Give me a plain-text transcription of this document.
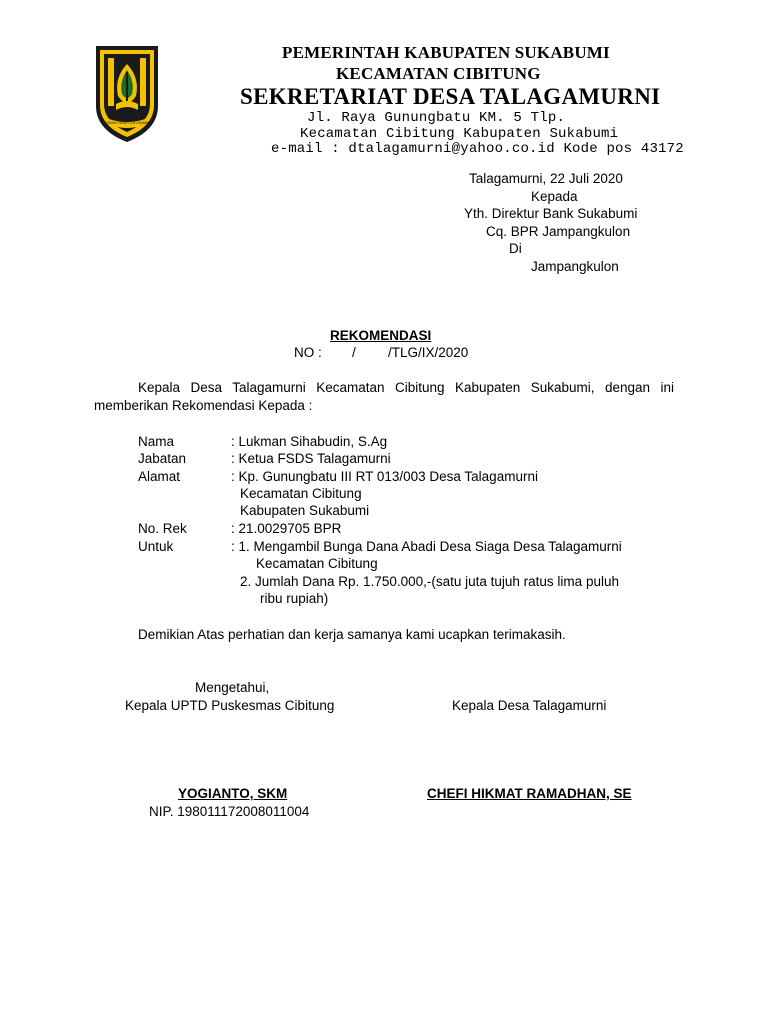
GEMAH RIPAH LOH JINAWI
PEMERINTAH KABUPATEN SUKABUMI
KECAMATAN CIBITUNG
SEKRETARIAT DESA TALAGAMURNI
Jl. Raya Gunungbatu KM. 5 Tlp.
Kecamatan Cibitung Kabupaten Sukabumi
e-mail : dtalagamurni@yahoo.co.id Kode pos 43172
Talagamurni, 22 Juli 2020
Kepada
Yth. Direktur Bank Sukabumi
Cq. BPR Jampangkulon
Di
Jampangkulon
REKOMENDASI
NO : / /TLG/IX/2020
Kepala Desa Talagamurni Kecamatan Cibitung Kabupaten Sukabumi, dengan ini
memberikan Rekomendasi Kepada :
Nama	: Lukman Sihabudin, S.Ag
Jabatan	: Ketua FSDS Talagamurni
Alamat	: Kp. Gunungbatu III RT 013/003 Desa Talagamurni
Kecamatan Cibitung
Kabupaten Sukabumi
No. Rek	: 21.0029705 BPR
Untuk	: 1. Mengambil Bunga Dana Abadi Desa Siaga Desa Talagamurni
Kecamatan Cibitung
2. Jumlah Dana Rp. 1.750.000,-(satu juta tujuh ratus lima puluh
ribu rupiah)
Demikian Atas perhatian dan kerja samanya kami ucapkan terimakasih.
Mengetahui,
Kepala UPTD Puskesmas Cibitung	Kepala Desa Talagamurni
YOGIANTO, SKM
NIP. 198011172008011004
CHEFI HIKMAT RAMADHAN, SE
